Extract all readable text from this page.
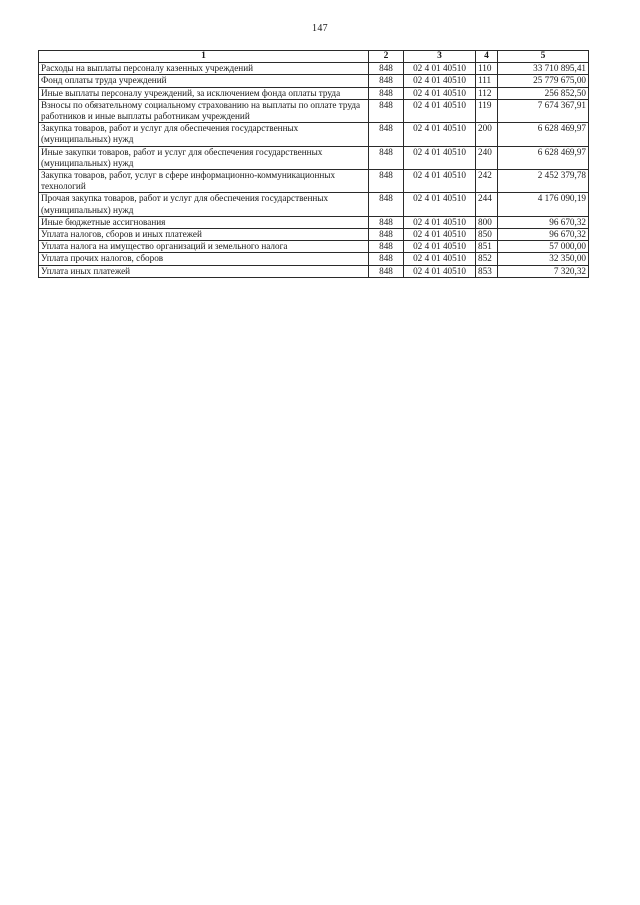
147
1	2	3	4	5
Расходы на выплаты персоналу казенных учреждений	848	02 4 01 40510	110	33 710 895,41
Фонд оплаты труда учреждений	848	02 4 01 40510	111	25 779 675,00
Иные выплаты персоналу учреждений, за исключением фонда оплаты труда	848	02 4 01 40510	112	256 852,50
Взносы по обязательному социальному страхованию на выплаты по оплате труда работников и иные выплаты работникам учреждений	848	02 4 01 40510	119	7 674 367,91
Закупка товаров, работ и услуг для обеспечения государственных (муниципальных) нужд	848	02 4 01 40510	200	6 628 469,97
Иные закупки товаров, работ и услуг для обеспечения государственных (муниципальных) нужд	848	02 4 01 40510	240	6 628 469,97
Закупка товаров, работ, услуг в сфере информационно-коммуникационных технологий	848	02 4 01 40510	242	2 452 379,78
Прочая закупка товаров, работ и услуг для обеспечения государственных (муниципальных) нужд	848	02 4 01 40510	244	4 176 090,19
Иные бюджетные ассигнования	848	02 4 01 40510	800	96 670,32
Уплата налогов, сборов и иных платежей	848	02 4 01 40510	850	96 670,32
Уплата налога на имущество организаций и земельного налога	848	02 4 01 40510	851	57 000,00
Уплата прочих налогов, сборов	848	02 4 01 40510	852	32 350,00
Уплата иных платежей	848	02 4 01 40510	853	7 320,32
